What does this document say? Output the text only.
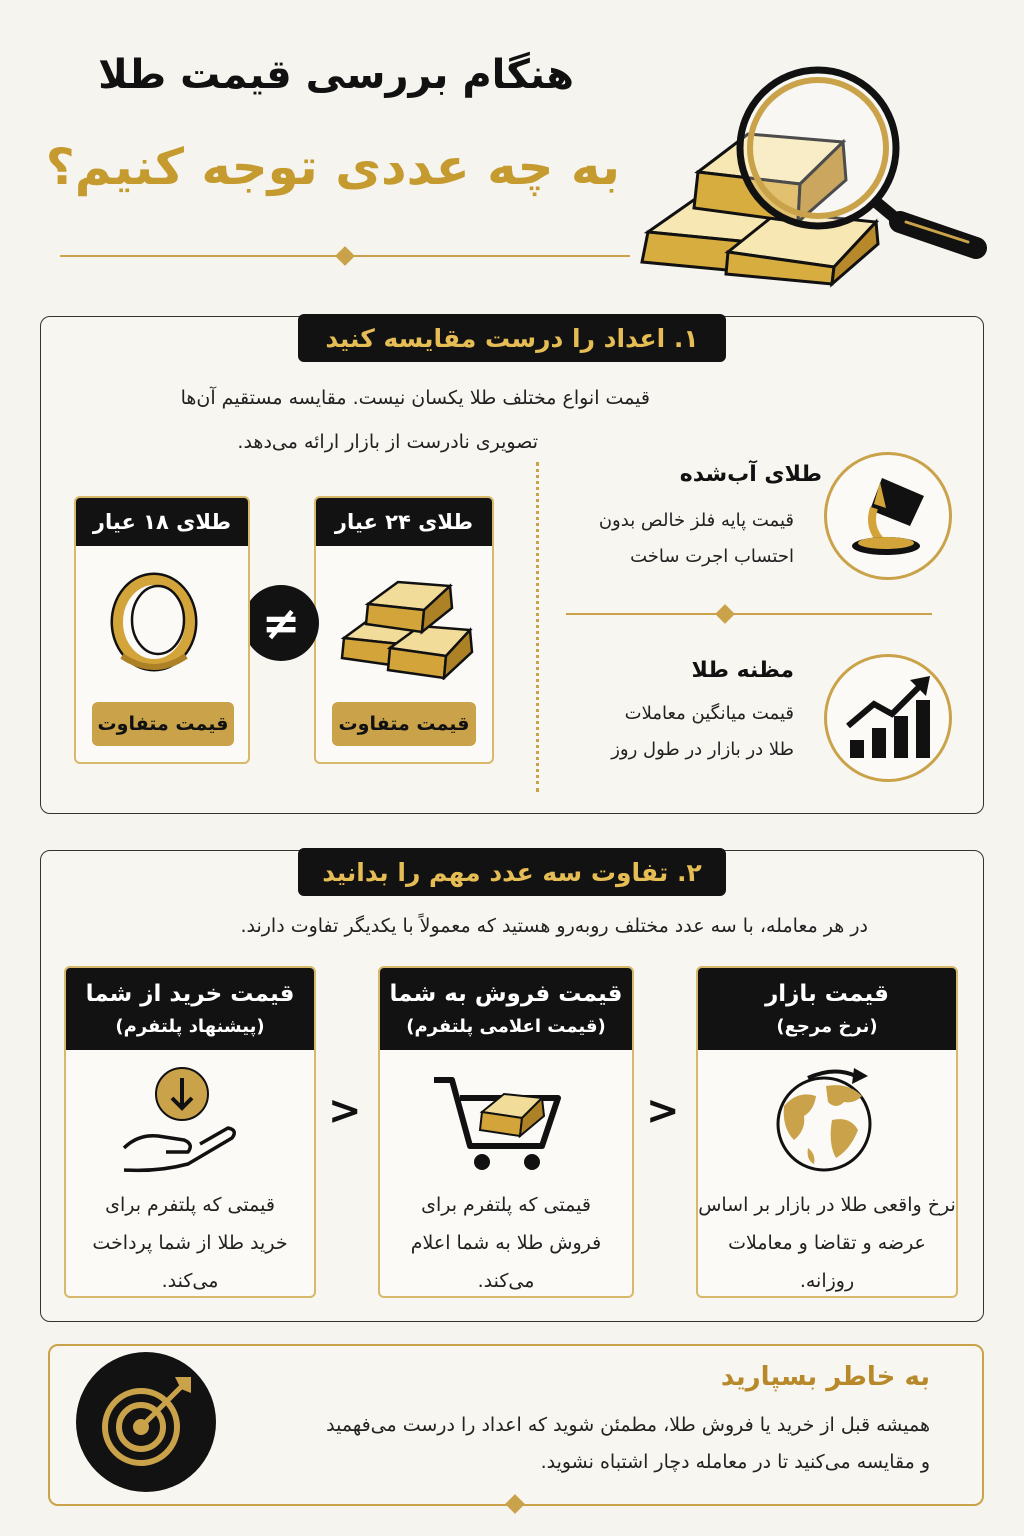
هنگام بررسی قیمت طلا
به چه عددی توجه کنیم؟
۱. اعداد را درست مقایسه کنید
قیمت انواع مختلف طلا یکسان نیست. مقایسه مستقیم آن‌ها
تصویری نادرست از بازار ارائه می‌دهد.
طلای ۲۴ عیار
قیمت متفاوت
≠
طلای ۱۸ عیار
قیمت متفاوت
طلای آب‌شده
قیمت پایه فلز خالص بدون
احتساب اجرت ساخت
مظنه طلا
قیمت میانگین معاملات
طلا در بازار در طول روز
۲. تفاوت سه عدد مهم را بدانید
در هر معامله، با سه عدد مختلف روبه‌رو هستید که معمولاً با یکدیگر تفاوت دارند.
قیمت بازار
(نرخ مرجع)
نرخ واقعی طلا در بازار بر اساس
عرضه و تقاضا و معاملات
روزانه.
<
قیمت فروش به شما
(قیمت اعلامی پلتفرم)
قیمتی که پلتفرم برای
فروش طلا به شما اعلام
می‌کند.
<
قیمت خرید از شما
(پیشنهاد پلتفرم)
قیمتی که پلتفرم برای
خرید طلا از شما پرداخت
می‌کند.
به خاطر بسپارید
همیشه قبل از خرید یا فروش طلا، مطمئن شوید که اعداد را درست می‌فهمید
و مقایسه می‌کنید تا در معامله دچار اشتباه نشوید.
